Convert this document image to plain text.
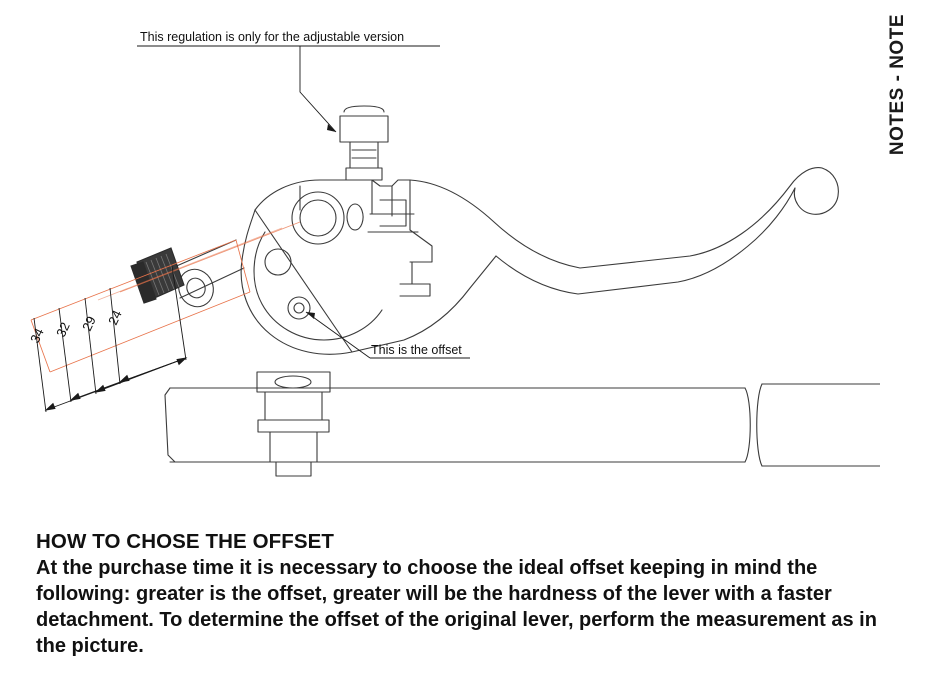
NOTES - NOTE
34 32 29 24
This regulation is only for the adjustable version
This is the offset
HOW TO CHOSE THE OFFSET

At the purchase time it is necessary to choose the ideal offset keeping in mind the following: greater is the offset, greater will be the hardness of the lever with a faster detachment. To determine the offset of the original lever, perform the measurement as in the picture.
